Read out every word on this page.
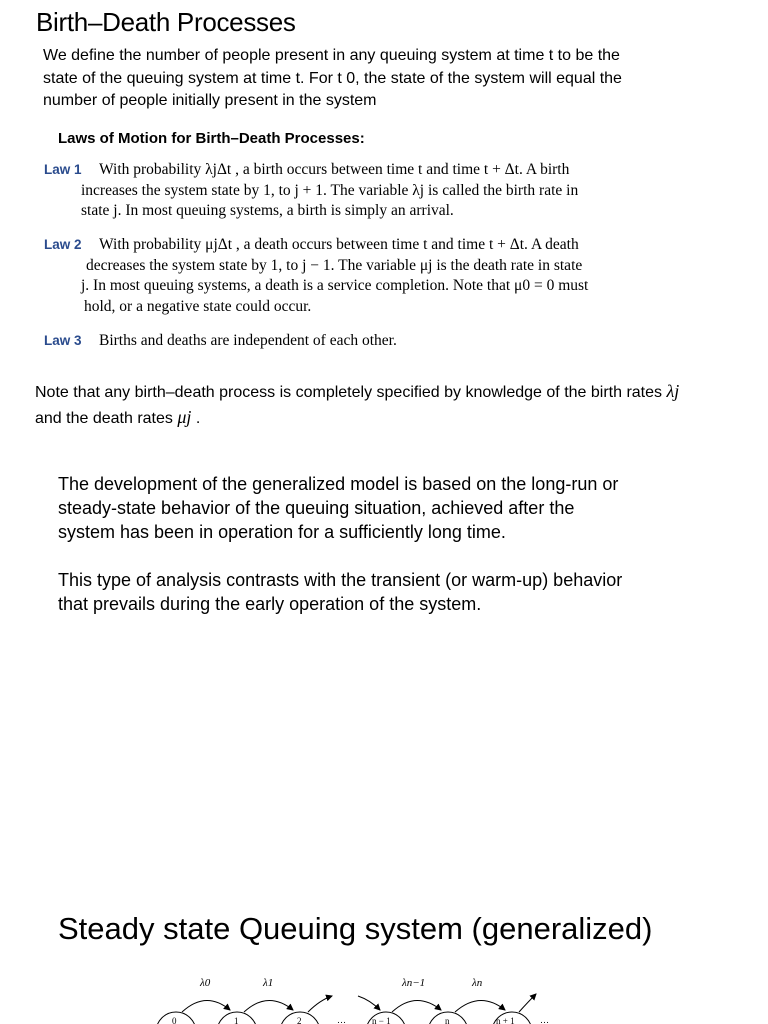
Birth–Death Processes
We define the number of people present in any queuing system at time t to be the
state of the queuing system at time t. For t 0, the state of the system will equal the
number of people initially present in the system
Laws of Motion for Birth–Death Processes:
Law 1 With probability λjΔt , a birth occurs between time t and time t + Δt. A birth
increases the system state by 1, to j + 1. The variable λj is called the birth rate in
state j. In most queuing systems, a birth is simply an arrival.
Law 2 With probability μjΔt , a death occurs between time t and time t + Δt. A death
decreases the system state by 1, to j − 1. The variable μj is the death rate in state
j. In most queuing systems, a death is a service completion. Note that μ0 = 0 must
hold, or a negative state could occur.
Law 3 Births and deaths are independent of each other.
Note that any birth–death process is completely specified by knowledge of the birth rates λj
and the death rates μj .

The development of the generalized model is based on the long-run or
steady-state behavior of the queuing situation, achieved after the
system has been in operation for a sufficiently long time.

This type of analysis contrasts with the transient (or warm-up) behavior
that prevails during the early operation of the system.

Steady state Queuing system (generalized)
λ0	λ1	λn−1	λn
0	1	2	…	n − 1	n	n + 1	…
